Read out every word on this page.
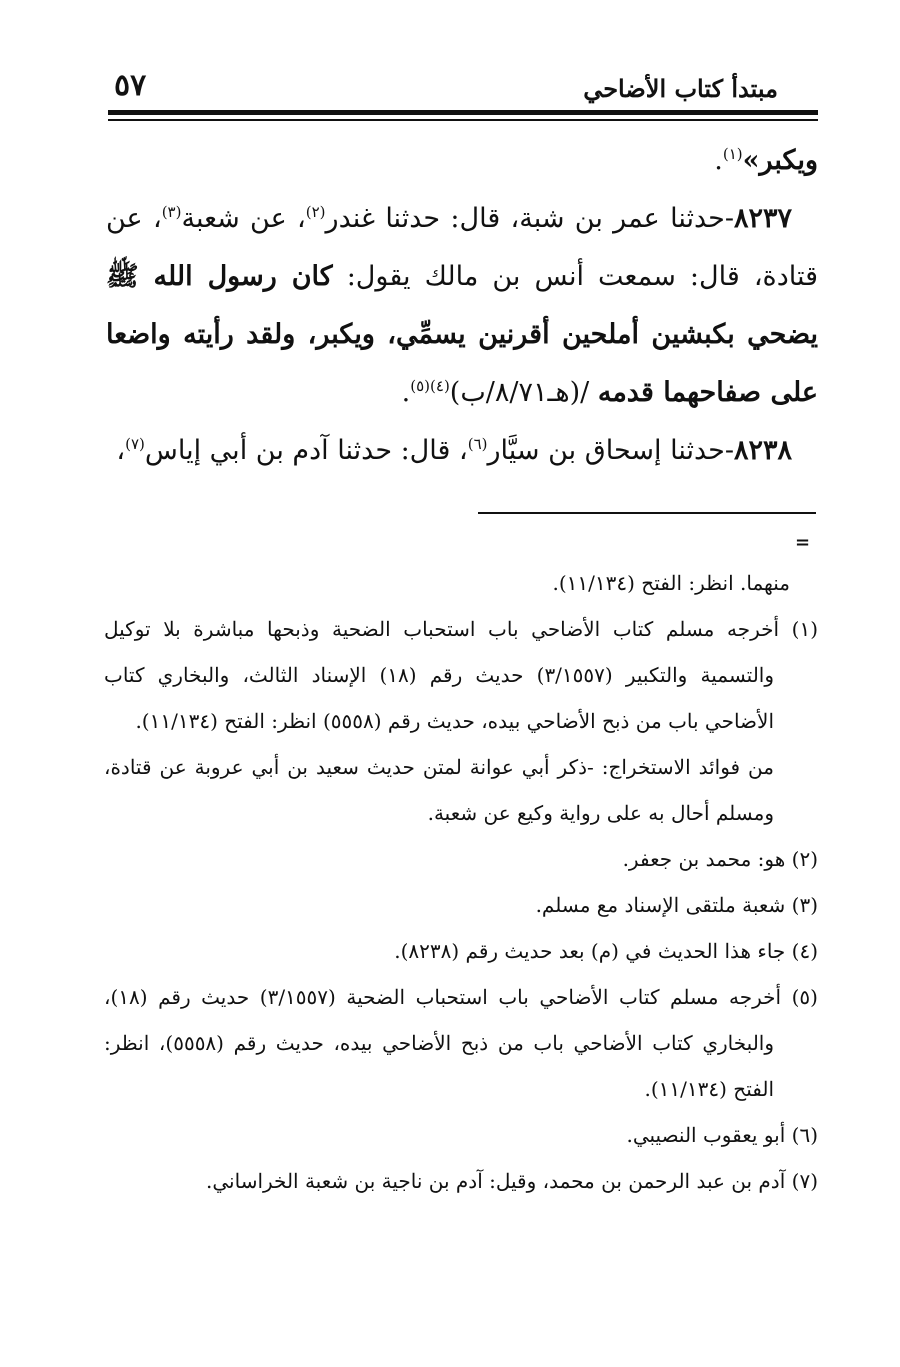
مبتدأ كتاب الأضاحي
٥٧

ويكبر»$^{(١)}$.

٨٢٣٧-حدثنا عمر بن شبة، قال: حدثنا غندر$^{(٢)}$، عن شعبة$^{(٣)}$، عن قتادة، قال: سمعت أنس بن مالك يقول: كان رسول الله ﷺ يضحي بكبشين أملحين أقرنين يسمِّي، ويكبر، ولقد رأيته واضعا على صفاحهما قدمه /(هـ٨/٧١/ب)$^{(٤)(٥)}$.

٨٢٣٨-حدثنا إسحاق بن سيَّار$^{(٦)}$، قال: حدثنا آدم بن أبي إياس$^{(٧)}$،

=

منهما. انظر: الفتح (١١/١٣٤).

(١) أخرجه مسلم كتاب الأضاحي باب استحباب الضحية وذبحها مباشرة بلا توكيل والتسمية والتكبير (٣/١٥٥٧) حديث رقم (١٨) الإسناد الثالث، والبخاري كتاب الأضاحي باب من ذبح الأضاحي بيده، حديث رقم (٥٥٥٨) انظر: الفتح (١١/١٣٤).

من فوائد الاستخراج: -ذكر أبي عوانة لمتن حديث سعيد بن أبي عروبة عن قتادة، ومسلم أحال به على رواية وكيع عن شعبة.

(٢) هو: محمد بن جعفر.

(٣) شعبة ملتقى الإسناد مع مسلم.

(٤) جاء هذا الحديث في (م) بعد حديث رقم (٨٢٣٨).

(٥) أخرجه مسلم كتاب الأضاحي باب استحباب الضحية (٣/١٥٥٧) حديث رقم (١٨)، والبخاري كتاب الأضاحي باب من ذبح الأضاحي بيده، حديث رقم (٥٥٥٨)، انظر: الفتح (١١/١٣٤).

(٦) أبو يعقوب النصيبي.

(٧) آدم بن عبد الرحمن بن محمد، وقيل: آدم بن ناجية بن شعبة الخراساني.
